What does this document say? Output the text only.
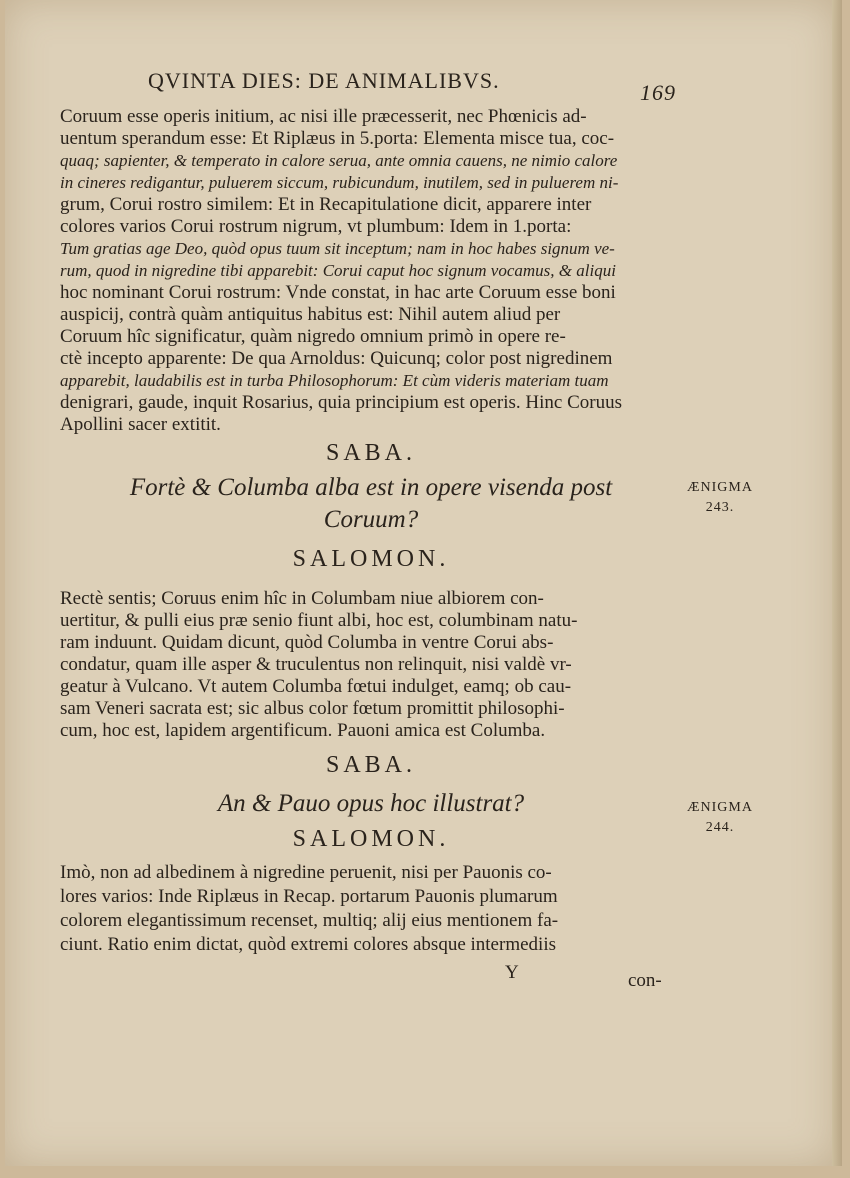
QVINTA DIES: DE ANIMALIBVS.	169
Coruum esse operis initium, ac nisi ille præcesserit, nec Phœnicis ad-
uentum sperandum esse: Et Riplæus in 5.porta: Elementa misce tua, coc-
quaq; sapienter, & temperato in calore serua, ante omnia cauens, ne nimio calore
in cineres redigantur, puluerem siccum, rubicundum, inutilem, sed in puluerem ni-
grum, Corui rostro similem: Et in Recapitulatione dicit, apparere inter
colores varios Corui rostrum nigrum, vt plumbum: Idem in 1.porta:
Tum gratias age Deo, quòd opus tuum sit inceptum; nam in hoc habes signum ve-
rum, quod in nigredine tibi apparebit: Corui caput hoc signum vocamus, & aliqui
hoc nominant Corui rostrum: Vnde constat, in hac arte Coruum esse boni
auspicij, contrà quàm antiquitus habitus est: Nihil autem aliud per
Coruum hîc significatur, quàm nigredo omnium primò in opere re-
ctè incepto apparente: De qua Arnoldus: Quicunq; color post nigredinem
apparebit, laudabilis est in turba Philosophorum: Et cùm videris materiam tuam
denigrari, gaude, inquit Rosarius, quia principium est operis. Hinc Coruus
Apollini sacer extitit.
SABA.
Fortè & Columba alba est in opere visenda post
Coruum?
ÆNIGMA
243.
SALOMON.
Rectè sentis; Coruus enim hîc in Columbam niue albiorem con-
uertitur, & pulli eius præ senio fiunt albi, hoc est, columbinam natu-
ram induunt. Quidam dicunt, quòd Columba in ventre Corui abs-
condatur, quam ille asper & truculentus non relinquit, nisi valdè vr-
geatur à Vulcano. Vt autem Columba fœtui indulget, eamq; ob cau-
sam Veneri sacrata est; sic albus color fœtum promittit philosophi-
cum, hoc est, lapidem argentificum. Pauoni amica est Columba.
SABA.
An & Pauo opus hoc illustrat?	ÆNIGMA
244.
SALOMON.
Imò, non ad albedinem à nigredine peruenit, nisi per Pauonis co-
lores varios: Inde Riplæus in Recap. portarum Pauonis plumarum
colorem elegantissimum recenset, multiq; alij eius mentionem fa-
ciunt. Ratio enim dictat, quòd extremi colores absque intermediis
Y	con-
